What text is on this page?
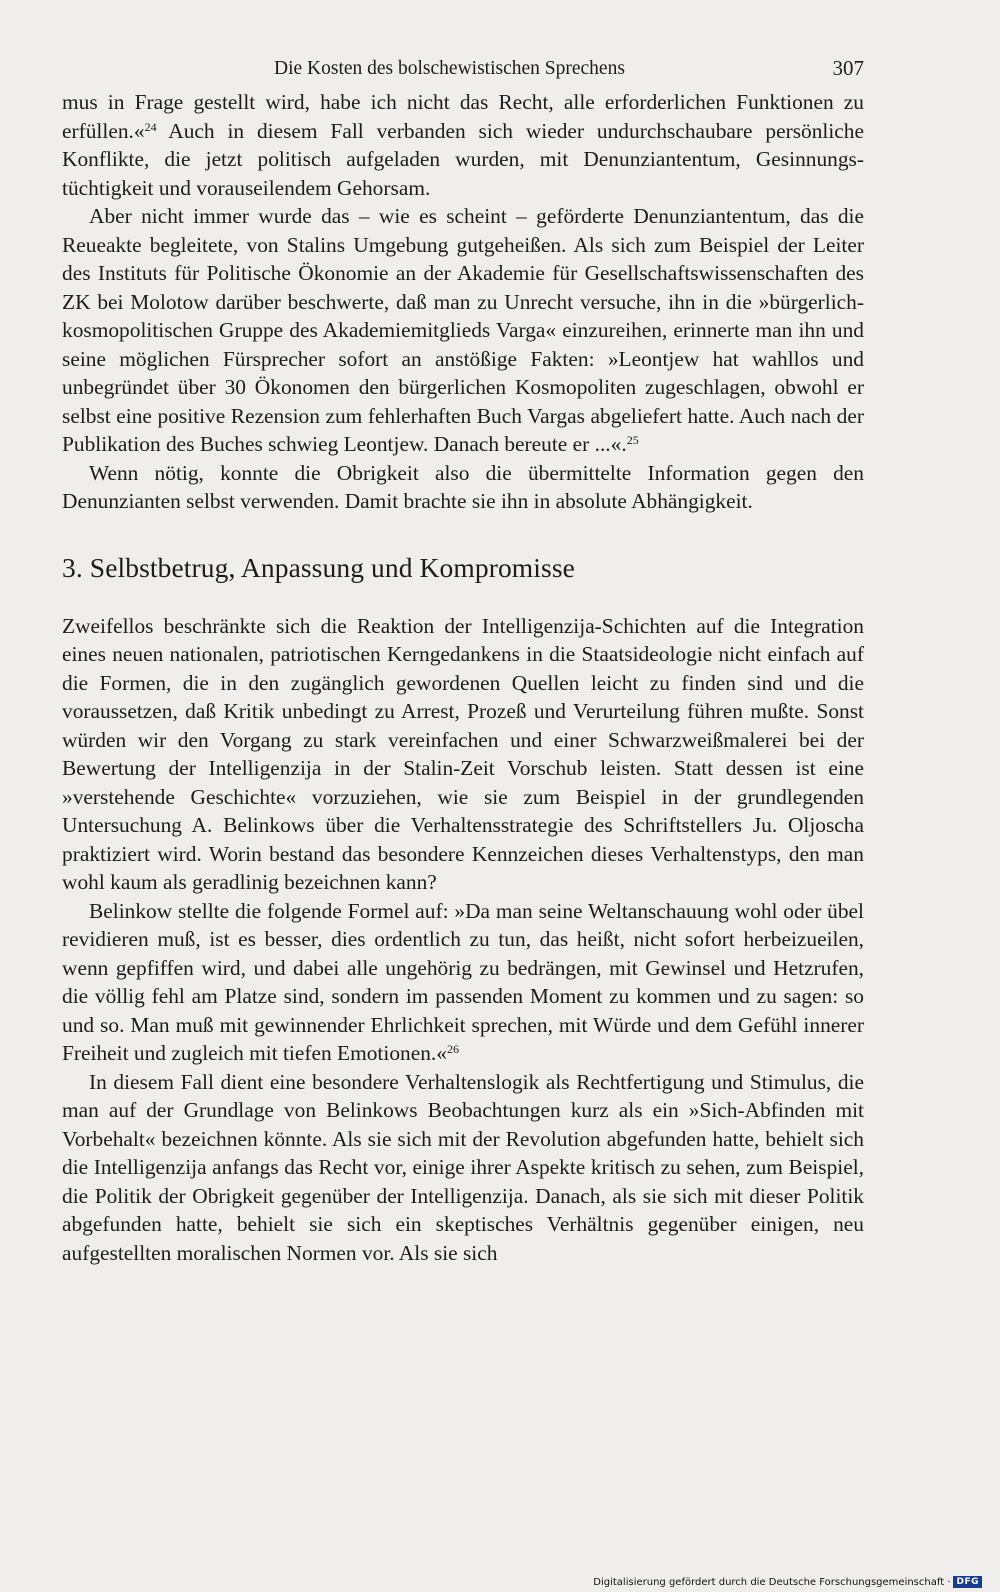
Die Kosten des bolschewistischen Sprechens	307

mus in Frage gestellt wird, habe ich nicht das Recht, alle erforderlichen Funktionen zu erfüllen.«$^{24}$ Auch in diesem Fall verbanden sich wieder undurchschaubare persönliche Konflikte, die jetzt politisch aufgeladen wurden, mit Denunziantentum, Gesinnungstüchtigkeit und vorauseilendem Gehorsam.

Aber nicht immer wurde das – wie es scheint – geförderte Denunziantentum, das die Reueakte begleitete, von Stalins Umgebung gutgeheißen. Als sich zum Beispiel der Leiter des Instituts für Politische Ökonomie an der Akademie für Gesellschaftswissenschaften des ZK bei Molotow darüber beschwerte, daß man zu Unrecht versuche, ihn in die »bürgerlich-kosmopolitischen Gruppe des Akademiemitglieds Varga« einzureihen, erinnerte man ihn und seine möglichen Fürsprecher sofort an anstößige Fakten: »Leontjew hat wahllos und unbegründet über 30 Ökonomen den bürgerlichen Kosmopoliten zugeschlagen, obwohl er selbst eine positive Rezension zum fehlerhaften Buch Vargas abgeliefert hatte. Auch nach der Publikation des Buches schwieg Leontjew. Danach bereute er ...«.$^{25}$

Wenn nötig, konnte die Obrigkeit also die übermittelte Information gegen den Denunzianten selbst verwenden. Damit brachte sie ihn in absolute Abhängigkeit.

3. Selbstbetrug, Anpassung und Kompromisse

Zweifellos beschränkte sich die Reaktion der Intelligenzija-Schichten auf die Integration eines neuen nationalen, patriotischen Kerngedankens in die Staatsideologie nicht einfach auf die Formen, die in den zugänglich gewordenen Quellen leicht zu finden sind und die voraussetzen, daß Kritik unbedingt zu Arrest, Prozeß und Verurteilung führen mußte. Sonst würden wir den Vorgang zu stark vereinfachen und einer Schwarzweißmalerei bei der Bewertung der Intelligenzija in der Stalin-Zeit Vorschub leisten. Statt dessen ist eine »verstehende Geschichte« vorzuziehen, wie sie zum Beispiel in der grundlegenden Untersuchung A. Belinkows über die Verhaltensstrategie des Schriftstellers Ju. Oljoscha praktiziert wird. Worin bestand das besondere Kennzeichen dieses Verhaltenstyps, den man wohl kaum als geradlinig bezeichnen kann?

Belinkow stellte die folgende Formel auf: »Da man seine Weltanschauung wohl oder übel revidieren muß, ist es besser, dies ordentlich zu tun, das heißt, nicht sofort herbeizueilen, wenn gepfiffen wird, und dabei alle ungehörig zu bedrängen, mit Gewinsel und Hetzrufen, die völlig fehl am Platze sind, sondern im passenden Moment zu kommen und zu sagen: so und so. Man muß mit gewinnender Ehrlichkeit sprechen, mit Würde und dem Gefühl innerer Freiheit und zugleich mit tiefen Emotionen.«$^{26}$

In diesem Fall dient eine besondere Verhaltenslogik als Rechtfertigung und Stimulus, die man auf der Grundlage von Belinkows Beobachtungen kurz als ein »Sich-Abfinden mit Vorbehalt« bezeichnen könnte. Als sie sich mit der Revolution abgefunden hatte, behielt sich die Intelligenzija anfangs das Recht vor, einige ihrer Aspekte kritisch zu sehen, zum Beispiel, die Politik der Obrigkeit gegenüber der Intelligenzija. Danach, als sie sich mit dieser Politik abgefunden hatte, behielt sie sich ein skeptisches Verhältnis gegenüber einigen, neu aufgestellten moralischen Normen vor. Als sie sich

Digitalisierung gefördert durch die Deutsche Forschungsgemeinschaft · DFG
